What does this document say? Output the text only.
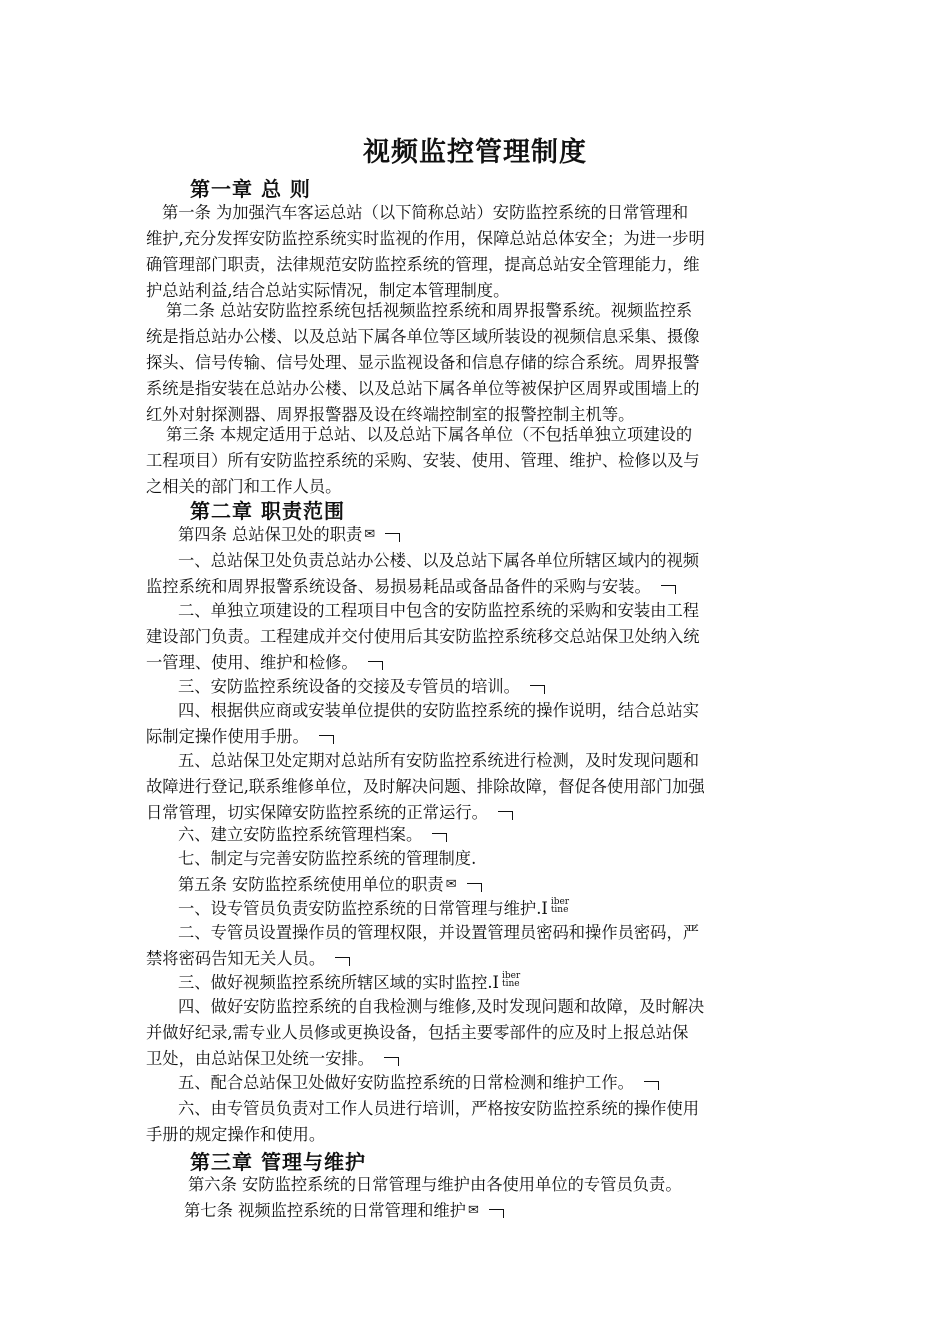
视频监控管理制度
第一章 总 则
第一条 为加强汽车客运总站（以下简称总站）安防监控系统的日常管理和
维护,充分发挥安防监控系统实时监视的作用，保障总站总体安全；为进一步明
确管理部门职责，法律规范安防监控系统的管理，提高总站安全管理能力，维
护总站利益,结合总站实际情况，制定本管理制度。
第二条 总站安防监控系统包括视频监控系统和周界报警系统。视频监控系
统是指总站办公楼、以及总站下属各单位等区域所装设的视频信息采集、摄像
探头、信号传输、信号处理、显示监视设备和信息存储的综合系统。周界报警
系统是指安装在总站办公楼、以及总站下属各单位等被保护区周界或围墙上的
红外对射探测器、周界报警器及设在终端控制室的报警控制主机等。
第三条 本规定适用于总站、以及总站下属各单位（不包括单独立项建设的
工程项目）所有安防监控系统的采购、安装、使用、管理、维护、检修以及与
之相关的部门和工作人员。
第二章 职责范围
第四条 总站保卫处的职责 ✉
一、总站保卫处负责总站办公楼、以及总站下属各单位所辖区域内的视频
监控系统和周界报警系统设备、易损易耗品或备品备件的采购与安装。
二、单独立项建设的工程项目中包含的安防监控系统的采购和安装由工程
建设部门负责。工程建成并交付使用后其安防监控系统移交总站保卫处纳入统
一管理、使用、维护和检修。
三、安防监控系统设备的交接及专管员的培训。
四、根据供应商或安装单位提供的安防监控系统的操作说明，结合总站实
际制定操作使用手册。
五、总站保卫处定期对总站所有安防监控系统进行检测，及时发现问题和
故障进行登记,联系维修单位，及时解决问题、排除故障，督促各使用部门加强
日常管理，切实保障安防监控系统的正常运行。
六、建立安防监控系统管理档案。
七、制定与完善安防监控系统的管理制度.
第五条 安防监控系统使用单位的职责 ✉
一、设专管员负责安防监控系统的日常管理与维护.I iber
tine
二、专管员设置操作员的管理权限，并设置管理员密码和操作员密码，严
禁将密码告知无关人员。
三、做好视频监控系统所辖区域的实时监控.I iber
tine
四、做好安防监控系统的自我检测与维修,及时发现问题和故障，及时解决
并做好纪录,需专业人员修或更换设备，包括主要零部件的应及时上报总站保
卫处，由总站保卫处统一安排。
五、配合总站保卫处做好安防监控系统的日常检测和维护工作。
六、由专管员负责对工作人员进行培训，严格按安防监控系统的操作使用
手册的规定操作和使用。
第三章 管理与维护
第六条 安防监控系统的日常管理与维护由各使用单位的专管员负责。
第七条 视频监控系统的日常管理和维护 ✉
